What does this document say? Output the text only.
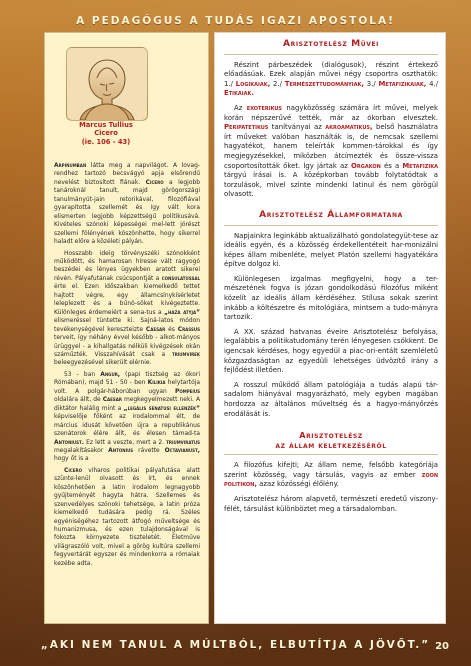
A PEDAGÓGUS A TUDÁS IGAZI APOSTOLA!
Marcus Tullius
Cicero
(ie. 106 - 43)

Arpinumban látta meg a napvilágot. A lovag-rendhez tartozó becsvágyó apja elsőrendű nevelést biztosított fiának. Cicero a legjobb tanároknál tanult, majd görögországi tanulmányút-jain retorikával, filozófiával gyarapította szellemét és így vált kora elismerten legjobb képzettségű politikusává. Kivételes szónoki képességei mel-lett jórészt szellemi fölényének köszönhette, hogy sikerrel haladt előre a közéleti pályán.

Hosszabb ideig törvényszéki szónokként működött, és hamarosan híresse vált ragyogó beszédei és lényes ügyekben aratott sikerei révén. Pályafutának csúcspontját a consulatussal érte el. Ezen időszakban kiemelkedő tettet hajtott végre, egy államcsínykísérletet leleplezett és a bűnö-söket kivégeztette. Különleges érdemeiért a sena-tus a „haza atyja” elismeréssel tüntette ki. Sajná-latos módon tevékenységével kereszteizte Caesar és Crassus terveit, így néhány évvel később - alkot-mányos ürüggyel - a kihallgatás nélküli kivégzések okán száműzték. Visszahívását csak a triumvirek beleegyezésével sikerült elérnie.

53 - ban Angur, (papi tisztség az ókori Rómában), majd 51 - 50 - ben Kilikia helytartója volt. A polgár-háborúban ugyan Pompeius oldalára állt, de Caesar megkegyelmezett neki. A diktátor halálig mint a „legális senatusi ellenzék” képviselője főként az irodalommal élt, de március idusát követően újra a republikánus szenátorok élére állt, és élesen támad-ta Antoniust. Ez lett a veszte, mert a 2. triumviratus megalakításakor Antonius rávette Octavianust, hogy őt is a

Cicero viharos politikai pályafutása alatt szünte-lenül olvasott és írt, és ennek köszönhetően a latin irodalom legnagyobb gyűjteményét hagyta hátra. Szellemes és szenvedélyes szónoki tehetsége, a latin próza kiemelkedő tudására pedig rá. Széles egyéniségéhez tartozott átfogó műveltsége és humanizmusa, és ezen tulajdonságával is fokozta környezete tiszteletét. Életműve világraszóló volt, mivel a görög kultúra szellemi fegyvertárát egyszer és mindenkorra a rómaiak kezébe adta.

Arisztotelész Művei

Részint párbeszédek (dialógusok), részint értekező előadásúak. Ezek alapján művei négy csoportra oszthatók: 1./ Logikaiak, 2./ Természettudományiak, 3./ Metafizikaiak, 4./ Etikaiak.

Az exoterikus nagyközösség számára írt művei, melyek korán népszerűvé tették, már az ókorban elvesztek. Peripatetikus tanítványai az akroamatikus, belső használatra írt műveket valóban használták is, de nemcsak szellemi hagyatékot, hanem teleírták kommen-tárokkal és így megjegyzésekkel, miközben átcímezték és össze-vissza csoportosították őket. Így jártak az Orgakon és a Metafizika tárgyú írásai is. A középkorban tovább folytatódtak a torzulások, mivel szinte mindenki latinul és nem görögül olvasott.

Arisztotelész Államformatana

Napjainkra leginkább aktualizálható gondolategyüt-tese az ideális egyén, és a közösség érdekellentéteit har-monizálni képes állam mibenléte, melyet Platón szellemi hagyatékára építve dolgoz ki.

Különlegesen izgalmas megfigyelni, hogy a ter-mészetének fogva is józan gondolkodású filozófus miként közelít az ideális állam kérdéséhez. Stílusa sokak szerint inkább a költészetre és mitológiára, mintsem a tudo-mányra tartozik.

A XX. század hatvanas éveire Arisztotelész befolyása, legalábbis a politikatudomány terén lényegesen csökkent. De igencsak kérdéses, hogy egyedül a piac-ori-entált szemléletű közgazdaságtan az egyedüli lehetséges üdvözítő irány a fejlődést illetően.

A rosszul működő állam patológiája a tudás alapú tár-sadalom hiányával magyarázható, mely egyben magában hordozza az általános műveltség és a hagyo-mányőrzés erodálását is.

Arisztotelész
az állam keletkezéséről

A filozófus kifejti; Az állam neme, felsőbb kategóriája szerint közösség, vagy társulás, vagyis az ember zoon politikon, azaz közösségi élőlény.

Arisztotelész három alapvető, természeti eredetű viszony-félét, társulást különböztet meg a társadalomban.

„AKI NEM TANUL A MÚLTBÓL, ELBUTÍTJA A JÖVŐT.” 20
